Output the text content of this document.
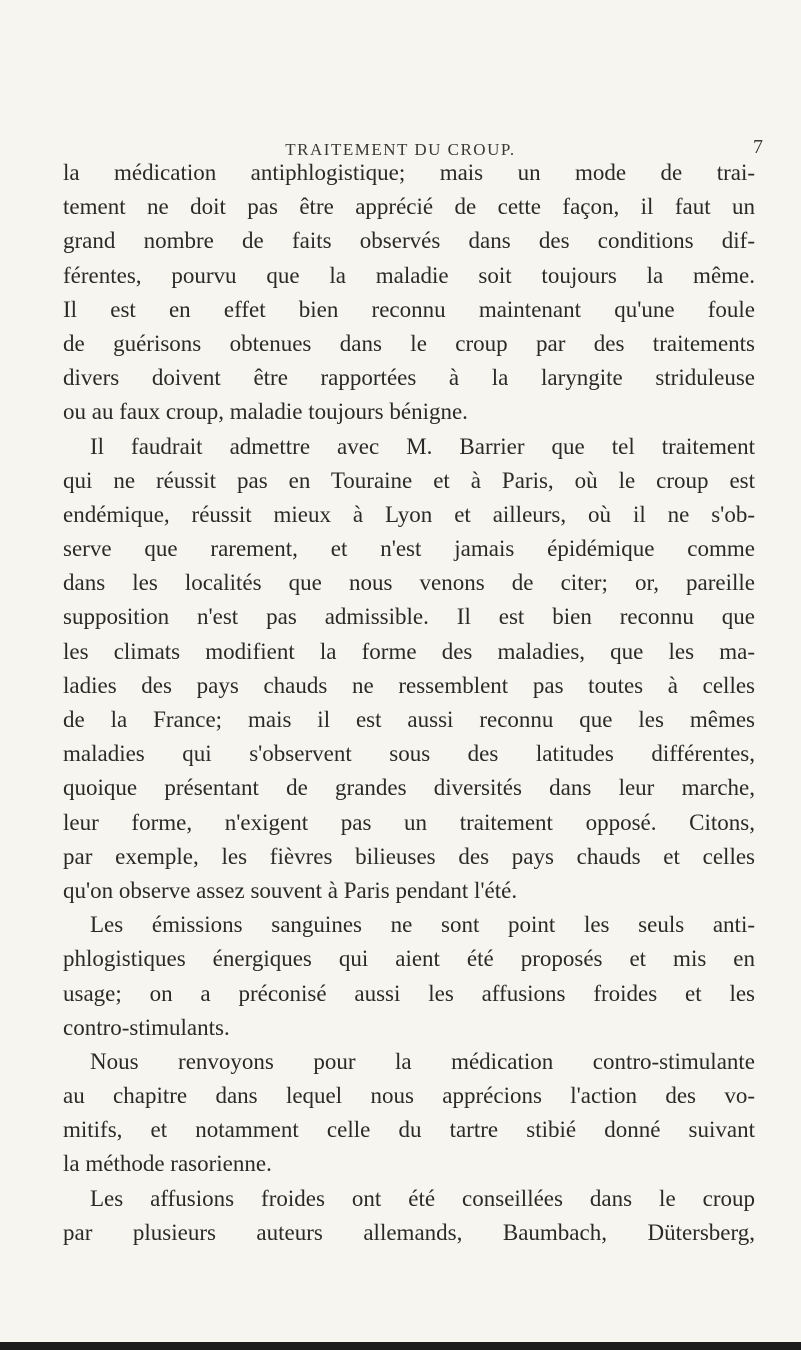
TRAITEMENT DU CROUP.	7
la médication antiphlogistique; mais un mode de trai-
tement ne doit pas être apprécié de cette façon, il faut un
grand nombre de faits observés dans des conditions dif-
férentes, pourvu que la maladie soit toujours la même.
Il est en effet bien reconnu maintenant qu'une foule
de guérisons obtenues dans le croup par des traitements
divers doivent être rapportées à la laryngite striduleuse
ou au faux croup, maladie toujours bénigne.
Il faudrait admettre avec M. Barrier que tel traitement
qui ne réussit pas en Touraine et à Paris, où le croup est
endémique, réussit mieux à Lyon et ailleurs, où il ne s'ob-
serve que rarement, et n'est jamais épidémique comme
dans les localités que nous venons de citer; or, pareille
supposition n'est pas admissible. Il est bien reconnu que
les climats modifient la forme des maladies, que les ma-
ladies des pays chauds ne ressemblent pas toutes à celles
de la France; mais il est aussi reconnu que les mêmes
maladies qui s'observent sous des latitudes différentes,
quoique présentant de grandes diversités dans leur marche,
leur forme, n'exigent pas un traitement opposé. Citons,
par exemple, les fièvres bilieuses des pays chauds et celles
qu'on observe assez souvent à Paris pendant l'été.
Les émissions sanguines ne sont point les seuls anti-
phlogistiques énergiques qui aient été proposés et mis en
usage; on a préconisé aussi les affusions froides et les
contro-stimulants.
Nous renvoyons pour la médication contro-stimulante
au chapitre dans lequel nous apprécions l'action des vo-
mitifs, et notamment celle du tartre stibié donné suivant
la méthode rasorienne.
Les affusions froides ont été conseillées dans le croup
par plusieurs auteurs allemands, Baumbach, Dütersberg,
